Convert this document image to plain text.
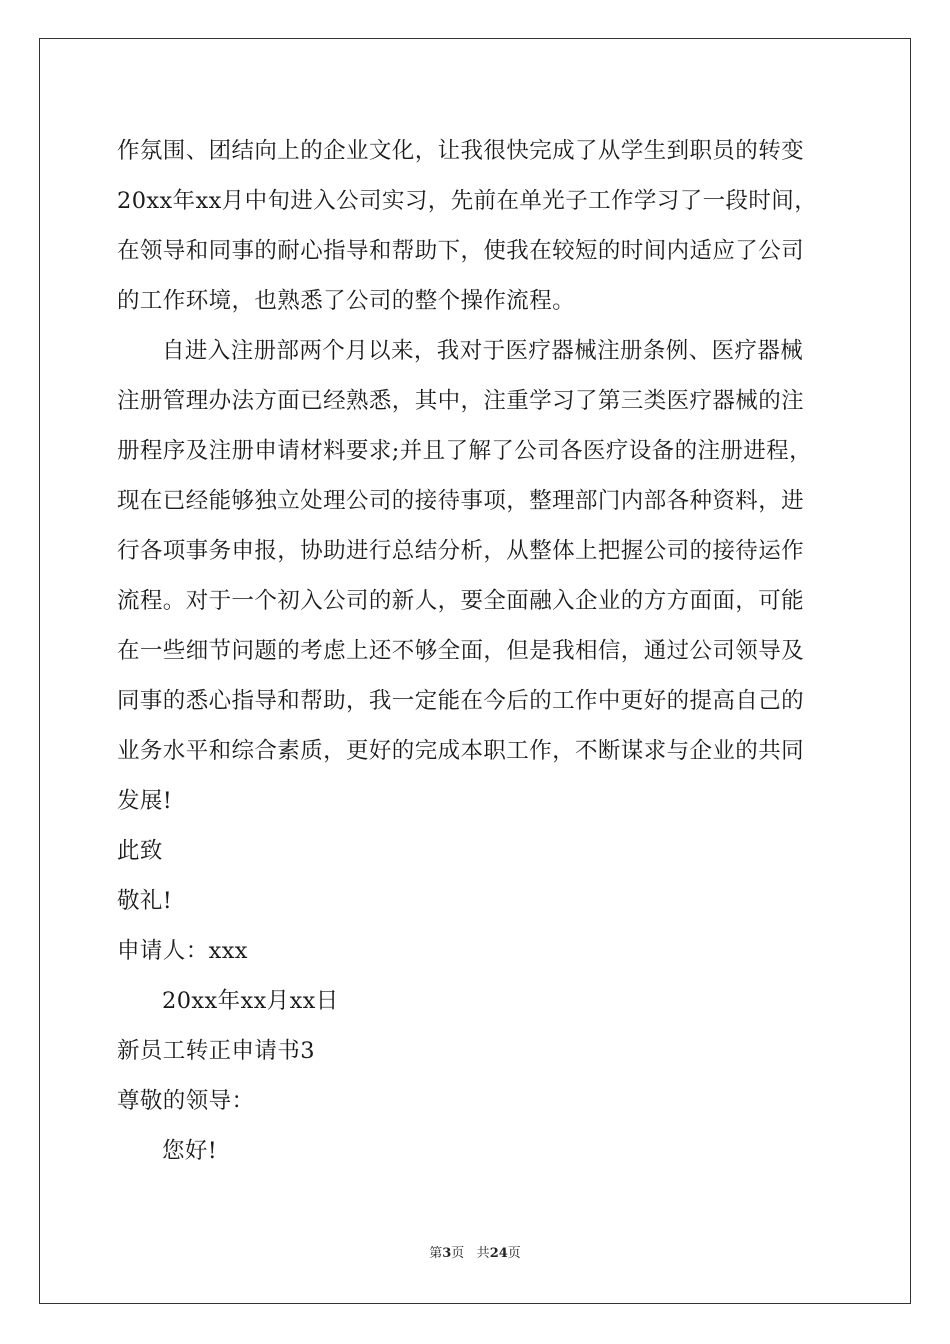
作氛围、团结向上的企业文化，让我很快完成了从学生到职员的转变
20xx年xx月中旬进入公司实习，先前在单光子工作学习了一段时间，
在领导和同事的耐心指导和帮助下，使我在较短的时间内适应了公司
的工作环境，也熟悉了公司的整个操作流程。
自进入注册部两个月以来，我对于医疗器械注册条例、医疗器械
注册管理办法方面已经熟悉，其中，注重学习了第三类医疗器械的注
册程序及注册申请材料要求;并且了解了公司各医疗设备的注册进程，
现在已经能够独立处理公司的接待事项，整理部门内部各种资料，进
行各项事务申报，协助进行总结分析，从整体上把握公司的接待运作
流程。对于一个初入公司的新人，要全面融入企业的方方面面，可能
在一些细节问题的考虑上还不够全面，但是我相信，通过公司领导及
同事的悉心指导和帮助，我一定能在今后的工作中更好的提高自己的
业务水平和综合素质，更好的完成本职工作，不断谋求与企业的共同
发展!
此致
敬礼!
申请人：xxx
20xx年xx月xx日
新员工转正申请书3
尊敬的领导：
您好!
第3页 共24页
